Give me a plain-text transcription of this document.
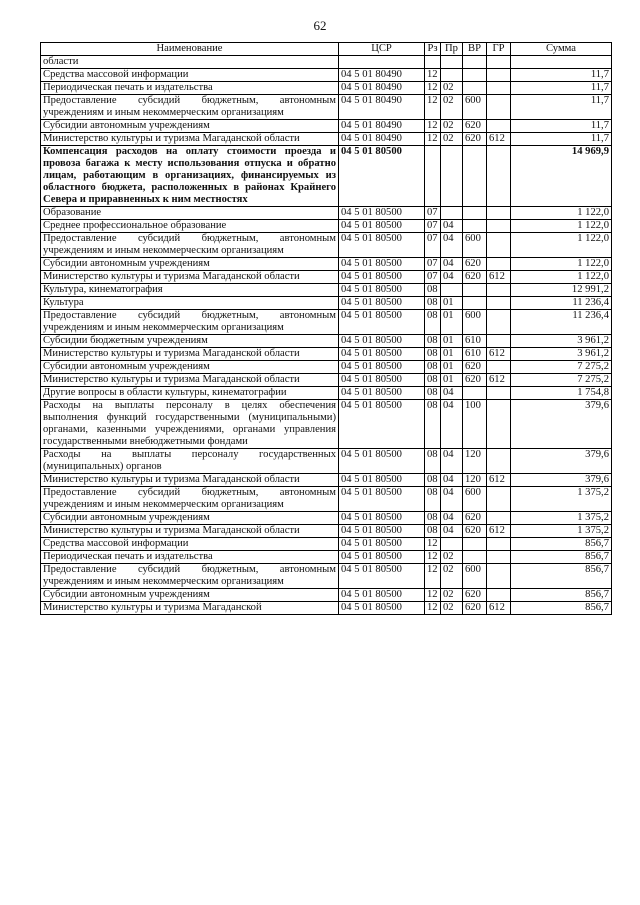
62
Наименование	ЦСР	Рз	Пр	ВР	ГР	Сумма
области						
Средства массовой информации	04 5 01 80490	12				11,7
Периодическая печать и издательства	04 5 01 80490	12	02			11,7
Предоставление субсидий бюджетным, автономным учреждениям и иным некоммерческим организациям	04 5 01 80490	12	02	600		11,7
Субсидии автономным учреждениям	04 5 01 80490	12	02	620		11,7
Министерство культуры и туризма Магаданской области	04 5 01 80490	12	02	620	612	11,7
Компенсация расходов на оплату стоимости проезда и провоза багажа к месту использования отпуска и обратно лицам, работающим в организациях, финансируемых из областного бюджета, расположенных в районах Крайнего Севера и приравненных к ним местностях	04 5 01 80500					14 969,9
Образование	04 5 01 80500	07				1 122,0
Среднее профессиональное образование	04 5 01 80500	07	04			1 122,0
Предоставление субсидий бюджетным, автономным учреждениям и иным некоммерческим организациям	04 5 01 80500	07	04	600		1 122,0
Субсидии автономным учреждениям	04 5 01 80500	07	04	620		1 122,0
Министерство культуры и туризма Магаданской области	04 5 01 80500	07	04	620	612	1 122,0
Культура, кинематография	04 5 01 80500	08				12 991,2
Культура	04 5 01 80500	08	01			11 236,4
Предоставление субсидий бюджетным, автономным учреждениям и иным некоммерческим организациям	04 5 01 80500	08	01	600		11 236,4
Субсидии бюджетным учреждениям	04 5 01 80500	08	01	610		3 961,2
Министерство культуры и туризма Магаданской области	04 5 01 80500	08	01	610	612	3 961,2
Субсидии автономным учреждениям	04 5 01 80500	08	01	620		7 275,2
Министерство культуры и туризма Магаданской области	04 5 01 80500	08	01	620	612	7 275,2
Другие вопросы в области культуры, кинематографии	04 5 01 80500	08	04			1 754,8
Расходы на выплаты персоналу в целях обеспечения выполнения функций государственными (муниципальными) органами, казенными учреждениями, органами управления государственными внебюджетными фондами	04 5 01 80500	08	04	100		379,6
Расходы на выплаты персоналу государственных (муниципальных) органов	04 5 01 80500	08	04	120		379,6
Министерство культуры и туризма Магаданской области	04 5 01 80500	08	04	120	612	379,6
Предоставление субсидий бюджетным, автономным учреждениям и иным некоммерческим организациям	04 5 01 80500	08	04	600		1 375,2
Субсидии автономным учреждениям	04 5 01 80500	08	04	620		1 375,2
Министерство культуры и туризма Магаданской области	04 5 01 80500	08	04	620	612	1 375,2
Средства массовой информации	04 5 01 80500	12				856,7
Периодическая печать и издательства	04 5 01 80500	12	02			856,7
Предоставление субсидий бюджетным, автономным учреждениям и иным некоммерческим организациям	04 5 01 80500	12	02	600		856,7
Субсидии автономным учреждениям	04 5 01 80500	12	02	620		856,7
Министерство культуры и туризма Магаданской	04 5 01 80500	12	02	620	612	856,7
